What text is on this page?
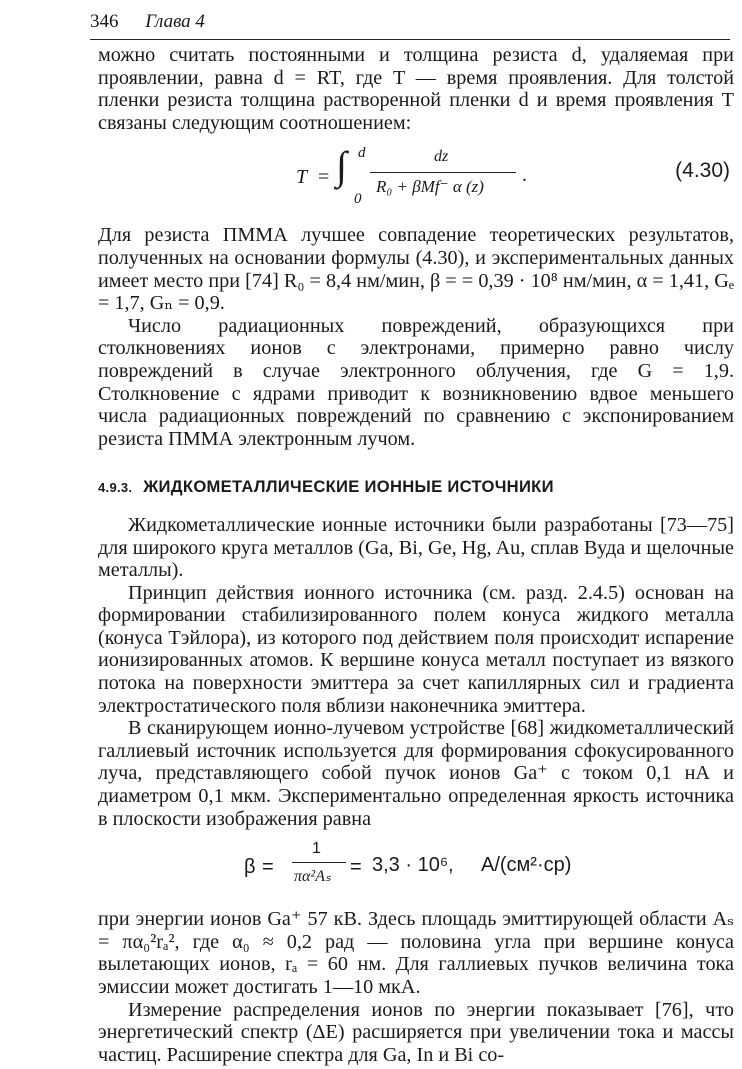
346 Глава 4

можно считать постоянными и толщина резиста d, удаляемая при проявлении, равна d = RT, где T — время проявления. Для толстой пленки резиста толщина растворенной пленки d и время проявления T связаны следующим соотношением:

T = ∫ d
0
dz
R₀ + βMf⁻ α (z)
.	(4.30)

Для резиста ПММА лучшее совпадение теоретических результатов, полученных на основании формулы (4.30), и экспериментальных данных имеет место при [74] R₀ = 8,4 нм/мин, β = = 0,39 · 10⁸ нм/мин, α = 1,41, Gₑ = 1,7, Gₙ = 0,9.

Число радиационных повреждений, образующихся при столкновениях ионов с электронами, примерно равно числу повреждений в случае электронного облучения, где G = 1,9. Столкновение с ядрами приводит к возникновению вдвое меньшего числа радиационных повреждений по сравнению с экспонированием резиста ПММА электронным лучом.

4.9.3. ЖИДКОМЕТАЛЛИЧЕСКИЕ ИОННЫЕ ИСТОЧНИКИ

Жидкометаллические ионные источники были разработаны [73—75] для широкого круга металлов (Ga, Bi, Ge, Hg, Au, сплав Вуда и щелочные металлы).

Принцип действия ионного источника (см. разд. 2.4.5) основан на формировании стабилизированного полем конуса жидкого металла (конуса Тэйлора), из которого под действием поля происходит испарение ионизированных атомов. К вершине конуса металл поступает из вязкого потока на поверхности эмиттера за счет капиллярных сил и градиента электростатического поля вблизи наконечника эмиттера.

В сканирующем ионно-лучевом устройстве [68] жидкометаллический галлиевый источник используется для формирования сфокусированного луча, представляющего собой пучок ионов Ga⁺ с током 0,1 нА и диаметром 0,1 мкм. Экспериментально определенная яркость источника в плоскости изображения равна

β =
1
πα²Aₛ = 3,3 · 10⁶, А/(см²·ср)

при энергии ионов Ga⁺ 57 кВ. Здесь площадь эмиттирующей области Aₛ = πα₀²rₐ², где α₀ ≈ 0,2 рад — половина угла при вершине конуса вылетающих ионов, rₐ = 60 нм. Для галлиевых пучков величина тока эмиссии может достигать 1—10 мкА.

Измерение распределения ионов по энергии показывает [76], что энергетический спектр (ΔE) расширяется при увеличении тока и массы частиц. Расширение спектра для Ga, In и Bi со-
